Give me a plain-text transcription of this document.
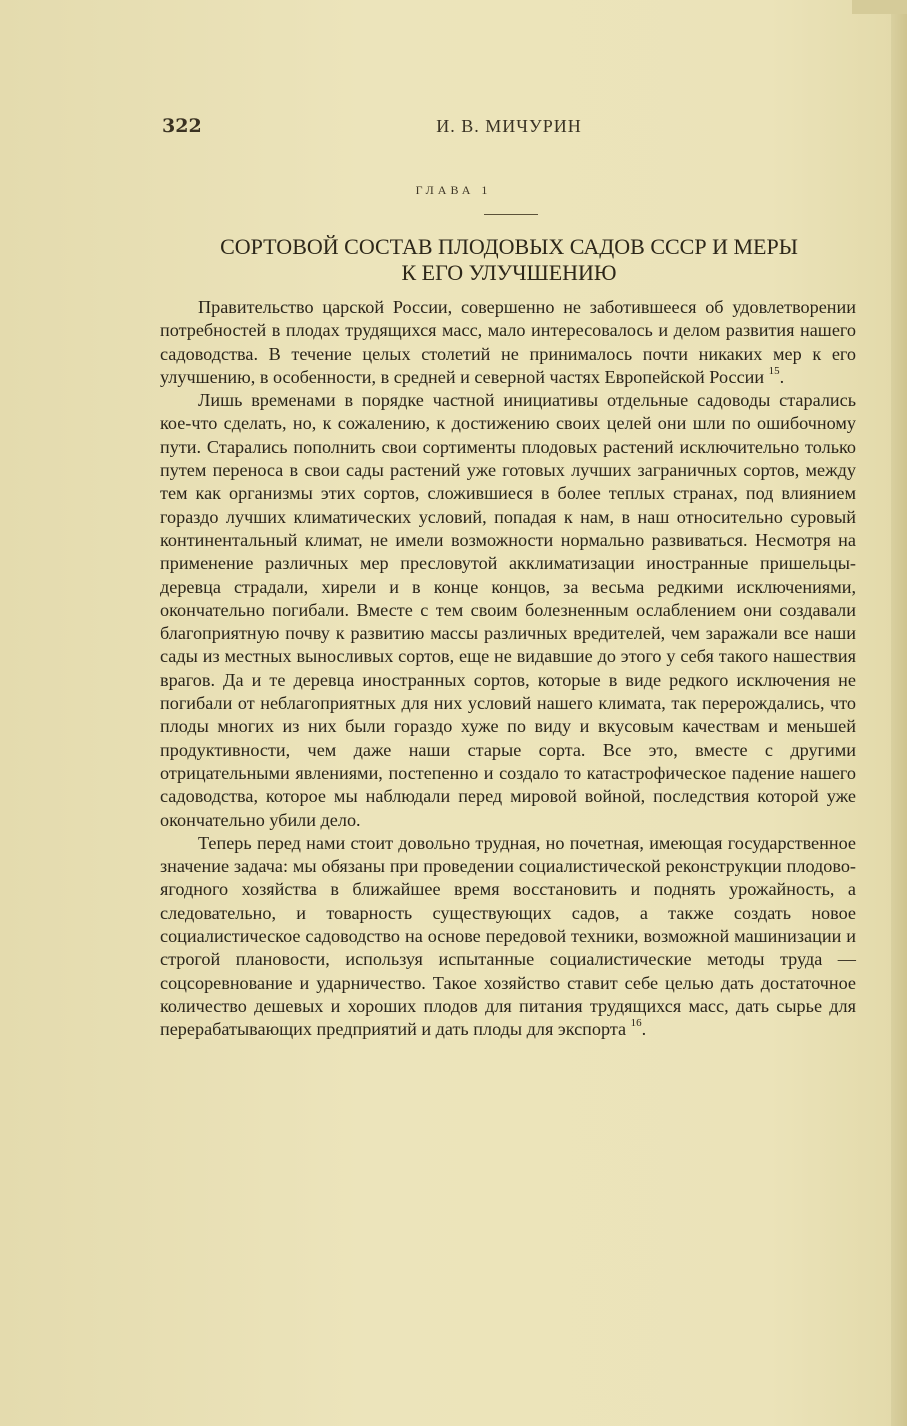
322	И. В. МИЧУРИН
ГЛАВА 1
СОРТОВОЙ СОСТАВ ПЛОДОВЫХ САДОВ СССР И МЕРЫ
К ЕГО УЛУЧШЕНИЮ

Правительство царской России, совершенно не заботившееся об удовлетворении потребностей в плодах трудящихся масс, мало интересовалось и делом развития нашего садоводства. В течение целых столетий не принималось почти никаких мер к его улучшению, в особенности, в средней и северной частях Европейской России $^{15}$.

Лишь временами в порядке частной инициативы отдельные садоводы старались кое-что сделать, но, к сожалению, к достижению своих целей они шли по ошибочному пути. Старались пополнить свои сортименты плодовых растений исключительно только путем переноса в свои сады растений уже готовых лучших заграничных сортов, между тем как организмы этих сортов, сложившиеся в более теплых странах, под влиянием гораздо лучших климатических условий, попадая к нам, в наш относительно суровый континентальный климат, не имели возможности нормально развиваться. Несмотря на применение различных мер пресловутой акклиматизации иностранные пришельцы-деревца страдали, хирели и в конце концов, за весьма редкими исключениями, окончательно погибали. Вместе с тем своим болезненным ослаблением они создавали благоприятную почву к развитию массы различных вредителей, чем заражали все наши сады из местных выносливых сортов, еще не видавшие до этого у себя такого нашествия врагов. Да и те деревца иностранных сортов, которые в виде редкого исключения не погибали от неблагоприятных для них условий нашего климата, так перерождались, что плоды многих из них были гораздо хуже по виду и вкусовым качествам и меньшей продуктивности, чем даже наши старые сорта. Все это, вместе с другими отрицательными явлениями, постепенно и создало то катастрофическое падение нашего садоводства, которое мы наблюдали перед мировой войной, последствия которой уже окончательно убили дело.

Теперь перед нами стоит довольно трудная, но почетная, имеющая государственное значение задача: мы обязаны при проведении социалистической реконструкции плодово-ягодного хозяйства в ближайшее время восстановить и поднять урожайность, а следовательно, и товарность существующих садов, а также создать новое социалистическое садоводство на основе передовой техники, возможной машинизации и строгой плановости, используя испытанные социалистические методы труда — соцсоревнование и ударничество. Такое хозяйство ставит себе целью дать достаточное количество дешевых и хороших плодов для питания трудящихся масс, дать сырье для перерабатывающих предприятий и дать плоды для экспорта $^{16}$.
